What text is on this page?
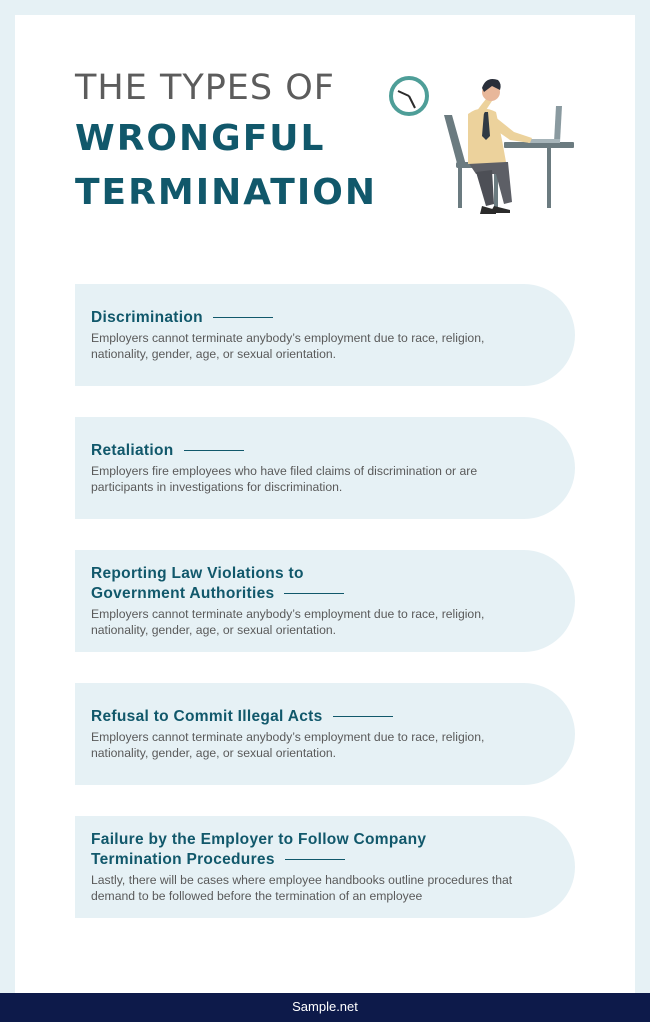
THE TYPES OF
WRONGFUL
TERMINATION
Discrimination
Employers cannot terminate anybody’s employment due to race, religion, nationality, gender, age, or sexual orientation.
Retaliation
Employers fire employees who have filed claims of discrimination or are participants in investigations for discrimination.
Reporting Law Violations to
Government Authorities
Employers cannot terminate anybody’s employment due to race, religion, nationality, gender, age, or sexual orientation.
Refusal to Commit Illegal Acts
Employers cannot terminate anybody’s employment due to race, religion, nationality, gender, age, or sexual orientation.
Failure by the Employer to Follow Company
Termination Procedures
Lastly, there will be cases where employee handbooks outline procedures that demand to be followed before the termination of an employee
Sample.net
